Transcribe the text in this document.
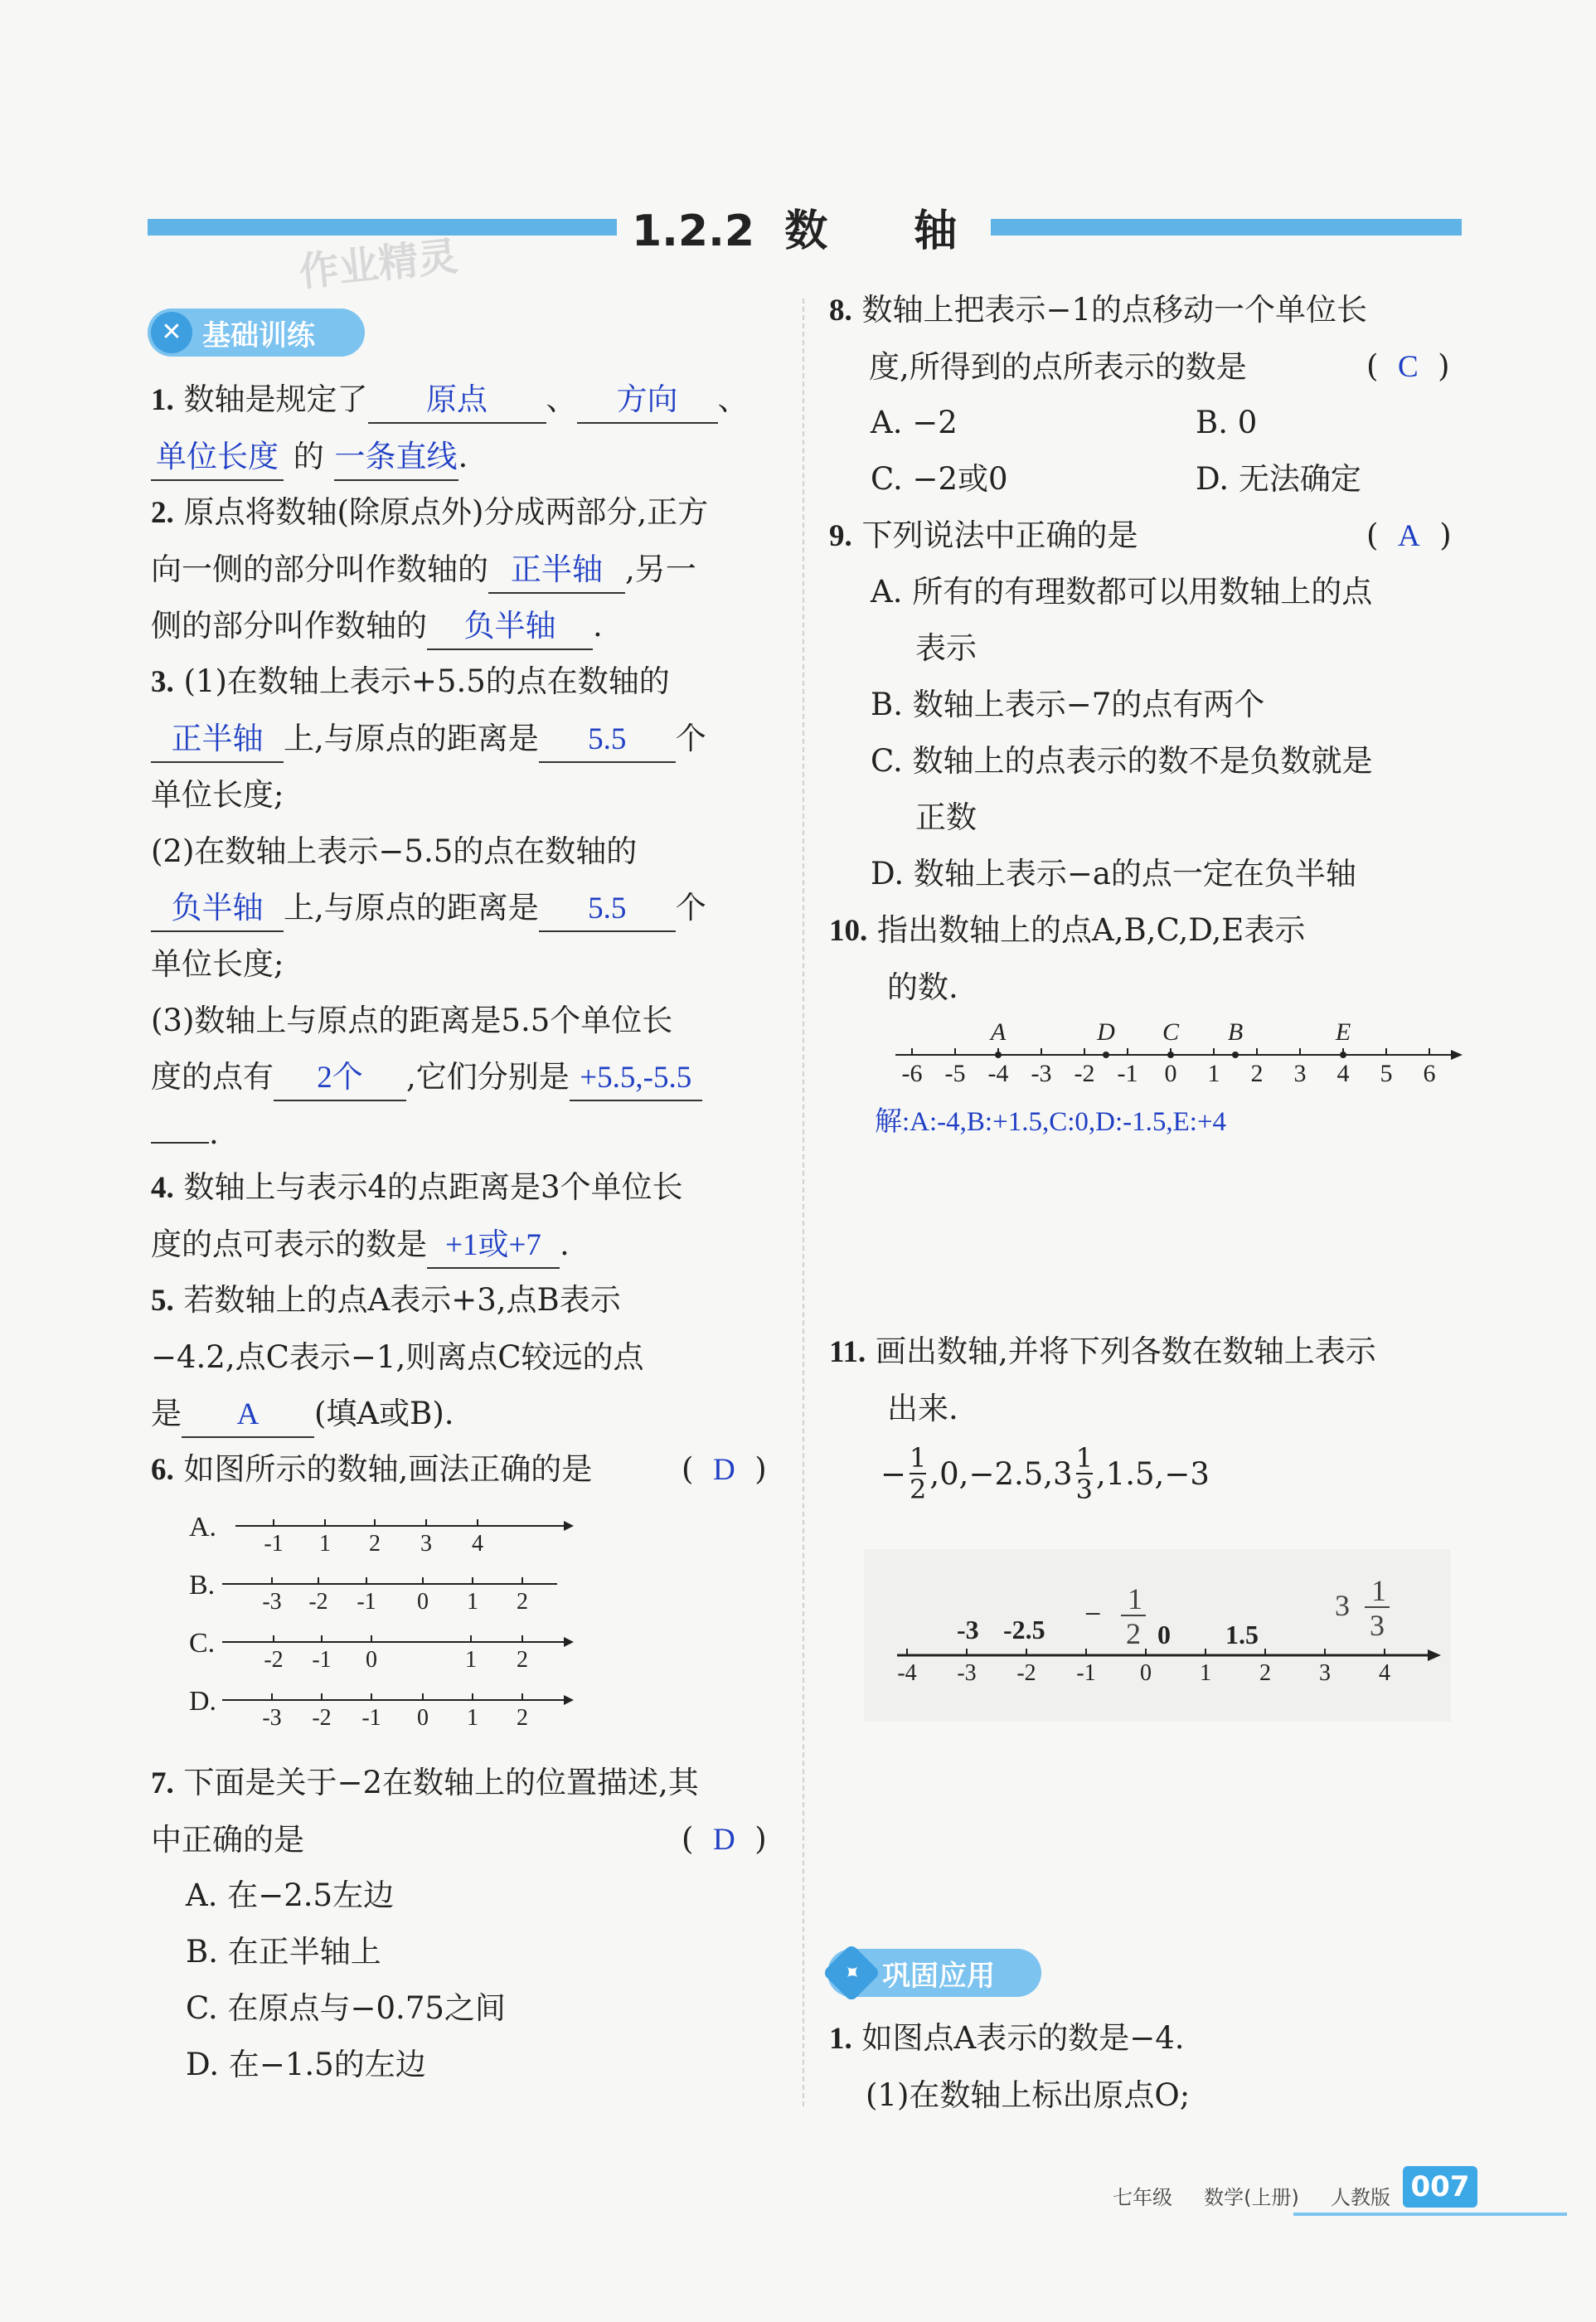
1.2.2 数　　轴
作业精灵
✕ 基础训练
1. 数轴是规定了 原点 、 方向 、
单位长度 的 一条直线.
2. 原点将数轴(除原点外)分成两部分,正方
向一侧的部分叫作数轴的 正半轴 ,另一
侧的部分叫作数轴的 负半轴 .
3. (1)在数轴上表示+5.5的点在数轴的
正半轴 上,与原点的距离是 5.5 个
单位长度;
(2)在数轴上表示−5.5的点在数轴的
负半轴 上,与原点的距离是 5.5 个
单位长度;
(3)数轴上与原点的距离是5.5个单位长
度的点有 2个 ,它们分别是 +5.5,-5.5
.
4. 数轴上与表示4的点距离是3个单位长
度的点可表示的数是 +1或+7 .
5. 若数轴上的点A表示+3,点B表示
−4.2,点C表示−1,则离点C较远的点
是 A (填A或B).
6. 如图所示的数轴,画法正确的是	(  D  )
A.
-1 1 2 3 4
B.
-3 -2 -1 0 1 2
C.
-2 -1 0	1 2
D.
-3 -2 -1 0 1 2
7. 下面是关于−2在数轴上的位置描述,其
中正确的是	(  D  )
A. 在−2.5左边
B. 在正半轴上
C. 在原点与−0.75之间
D. 在−1.5的左边
8. 数轴上把表示−1的点移动一个单位长
度,所得到的点所表示的数是	(  C  )
A. −2	B. 0
C. −2或0	D. 无法确定
9. 下列说法中正确的是	(  A  )
A. 所有的有理数都可以用数轴上的点
表示
B. 数轴上表示−7的点有两个
C. 数轴上的点表示的数不是负数就是
正数
D. 数轴上表示−a的点一定在负半轴
10. 指出数轴上的点A,B,C,D,E表示
的数.
-6 -5 -4 -3 -2 -1 0 1 2 3 4 5 6
A	D C B	E
解:A:-4,B:+1.5,C:0,D:-1.5,E:+4
11. 画出数轴,并将下列各数在数轴上表示
出来.
− 1
2 ,0,−2.5,3 1
3 ,1.5,−3
-4 -3 -2 -1 0 1 2 3 4
-3 -2.5 − 1
2 0 1.5
3 1
3
✦ 巩固应用
1. 如图点A表示的数是−4.
(1)在数轴上标出原点O;
七年级 数学(上册) 人教版 007
